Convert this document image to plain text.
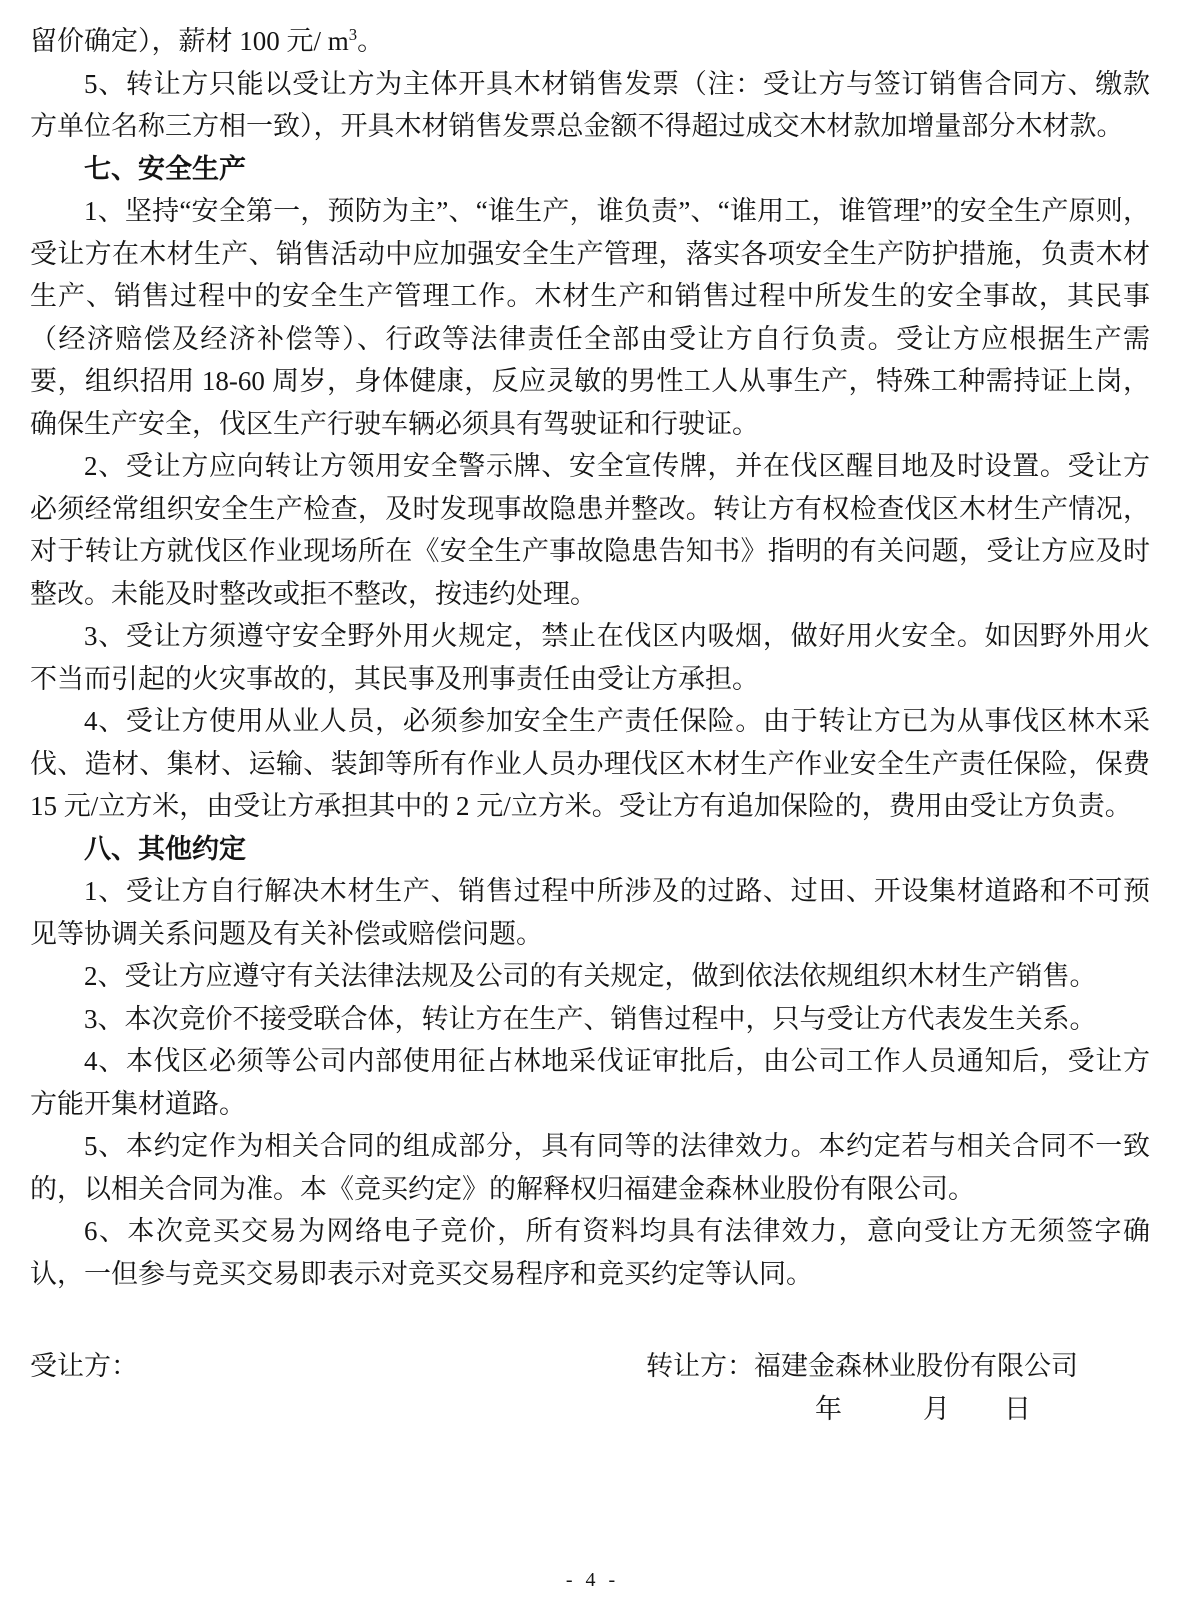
留价确定），薪材 100 元/ $m^3$。

5、转让方只能以受让方为主体开具木材销售发票（注：受让方与签订销售合同方、缴款方单位名称三方相一致），开具木材销售发票总金额不得超过成交木材款加增量部分木材款。

七、安全生产

1、坚持“安全第一，预防为主”、“谁生产，谁负责”、“谁用工，谁管理”的安全生产原则，受让方在木材生产、销售活动中应加强安全生产管理，落实各项安全生产防护措施，负责木材生产、销售过程中的安全生产管理工作。木材生产和销售过程中所发生的安全事故，其民事（经济赔偿及经济补偿等）、行政等法律责任全部由受让方自行负责。受让方应根据生产需要，组织招用 18-60 周岁，身体健康，反应灵敏的男性工人从事生产，特殊工种需持证上岗，确保生产安全，伐区生产行驶车辆必须具有驾驶证和行驶证。

2、受让方应向转让方领用安全警示牌、安全宣传牌，并在伐区醒目地及时设置。受让方必须经常组织安全生产检查，及时发现事故隐患并整改。转让方有权检查伐区木材生产情况，对于转让方就伐区作业现场所在《安全生产事故隐患告知书》指明的有关问题，受让方应及时整改。未能及时整改或拒不整改，按违约处理。

3、受让方须遵守安全野外用火规定，禁止在伐区内吸烟，做好用火安全。如因野外用火不当而引起的火灾事故的，其民事及刑事责任由受让方承担。

4、受让方使用从业人员，必须参加安全生产责任保险。由于转让方已为从事伐区林木采伐、造材、集材、运输、装卸等所有作业人员办理伐区木材生产作业安全生产责任保险，保费 15 元/立方米，由受让方承担其中的 2 元/立方米。受让方有追加保险的，费用由受让方负责。

八、其他约定

1、受让方自行解决木材生产、销售过程中所涉及的过路、过田、开设集材道路和不可预见等协调关系问题及有关补偿或赔偿问题。

2、受让方应遵守有关法律法规及公司的有关规定，做到依法依规组织木材生产销售。

3、本次竞价不接受联合体，转让方在生产、销售过程中，只与受让方代表发生关系。

4、本伐区必须等公司内部使用征占林地采伐证审批后，由公司工作人员通知后，受让方方能开集材道路。

5、本约定作为相关合同的组成部分，具有同等的法律效力。本约定若与相关合同不一致的，以相关合同为准。本《竞买约定》的解释权归福建金森林业股份有限公司。

6、本次竞买交易为网络电子竞价，所有资料均具有法律效力，意向受让方无须签字确认，一但参与竞买交易即表示对竞买交易程序和竞买约定等认同。

受让方：	转让方：福建金森林业股份有限公司
年　　　月　　日
- 4 -
